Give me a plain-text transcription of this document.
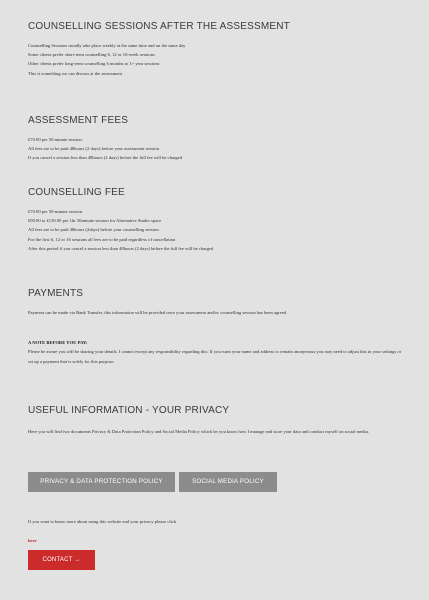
COUNSELLING SESSIONS AFTER THE ASSESSMENT

Counselling Sessions usually take place weekly at the same time and on the same day

Some clients prefer short-term counselling 6, 12 or 16-week sessions

Other clients prefer long-term counselling 6 months to 1+ year sessions

This is something we can discuss at the assessment

ASSESSMENT FEES

£70.00 per 50 minute session.

All fees are to be paid 48hours (2 days) before your assessment session

If you cancel a session less than 48hours (2 days) before the full fee will be charged

COUNSELLING FEE

£70.00 per 50-minute session

£90.00 to £130.00 per 1hr 50minute session for Alternative Studio space

All fees are to be paid 48hours (2days) before your counselling session.

For the first 6, 12 or 16 sessions all fees are to be paid regardless of cancellation

After this period if you cancel a session less than 48hours (2 days) before the full fee will be charged

PAYMENTS

Payment can be made via Bank Transfer, this information will be provided once your assessment and/or counselling session has been agreed

A NOTE BEFORE YOU PAY:

Please be aware you will be sharing your details. I cannot except any responsibility regarding this. If you want your name and address to remain anonymous you may need to adjust this in your settings or set up a payment that is solely for this purpose.

USEFUL INFORMATION - YOUR PRIVACY

Here you will find two documents Privacy & Data Protection Policy and Social Media Policy which let you know how I manage and store your data and conduct myself on social media.

PRIVACY & DATA PROTECTION POLICY	SOCIAL MEDIA POLICY

If you want to know more about using this website and your privacy please click

here
CONTACT →
